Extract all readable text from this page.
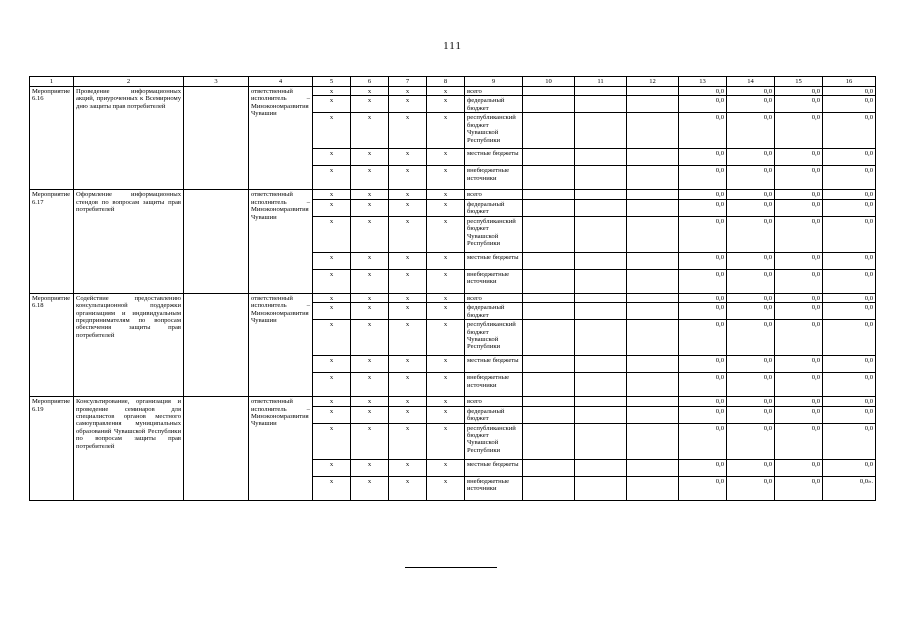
111
1	2	3	4	5	6	7	8	9	10	11	12	13	14	15	16
Мероприятие 6.16	Проведение информационных акций, приуроченных к Всемирному дню защиты прав потребителей		ответственный исполнитель – Минэкономразвития Чувашии	х	х	х	х	всего				0,0	0,0	0,0	0,0
				х	х	х	х	федеральный бюджет				0,0	0,0	0,0	0,0
				х	х	х	х	республиканский бюджет Чувашской Республики				0,0	0,0	0,0	0,0
				х	х	х	х	местные бюджеты				0,0	0,0	0,0	0,0
				х	х	х	х	внебюджетные источники				0,0	0,0	0,0	0,0
Мероприятие 6.17	Оформление информационных стендов по вопросам защиты прав потребителей		ответственный исполнитель – Минэкономразвития Чувашии	х	х	х	х	всего				0,0	0,0	0,0	0,0
				х	х	х	х	федеральный бюджет				0,0	0,0	0,0	0,0
				х	х	х	х	республиканский бюджет Чувашской Республики				0,0	0,0	0,0	0,0
				х	х	х	х	местные бюджеты				0,0	0,0	0,0	0,0
				х	х	х	х	внебюджетные источники				0,0	0,0	0,0	0,0
Мероприятие 6.18	Содействие предоставлению консультационной поддержки организациям и индивидуальным предпринимателям по вопросам обеспечения защиты прав потребителей		ответственный исполнитель – Минэкономразвития Чувашии	х	х	х	х	всего				0,0	0,0	0,0	0,0
				х	х	х	х	федеральный бюджет				0,0	0,0	0,0	0,0
				х	х	х	х	республиканский бюджет Чувашской Республики				0,0	0,0	0,0	0,0
				х	х	х	х	местные бюджеты				0,0	0,0	0,0	0,0
				х	х	х	х	внебюджетные источники				0,0	0,0	0,0	0,0
Мероприятие 6.19	Консультирование, организация и проведение семинаров для специалистов органов местного самоуправления муниципальных образований Чувашской Республики по вопросам защиты прав потребителей		ответственный исполнитель – Минэкономразвития Чувашии	х	х	х	х	всего				0,0	0,0	0,0	0,0
				х	х	х	х	федеральный бюджет				0,0	0,0	0,0	0,0
				х	х	х	х	республиканский бюджет Чувашской Республики				0,0	0,0	0,0	0,0
				х	х	х	х	местные бюджеты				0,0	0,0	0,0	0,0
				х	х	х	х	внебюджетные источники				0,0	0,0	0,0	0,0».
